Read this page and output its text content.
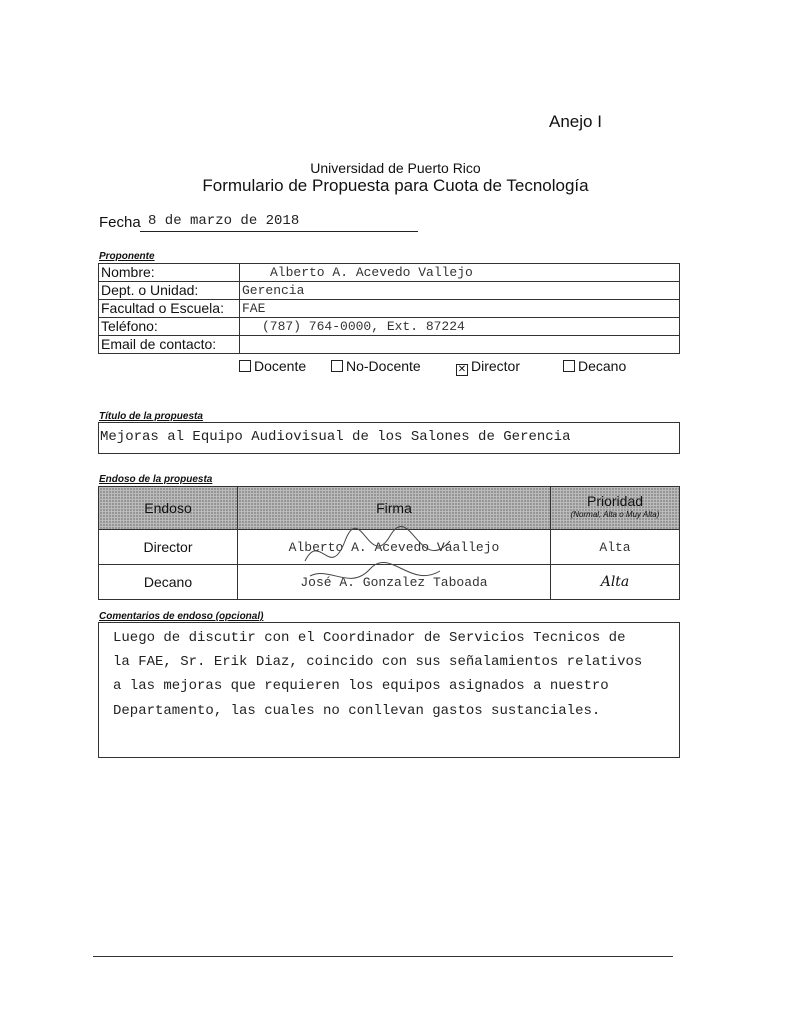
Anejo I
Universidad de Puerto Rico
Formulario de Propuesta para Cuota de Tecnología
Fecha 8 de marzo de 2018
Proponente
Nombre:	Alberto A. Acevedo Vallejo
Dept. o Unidad:	Gerencia
Facultad o Escuela:	FAE
Teléfono:	(787) 764-0000, Ext. 87224
Email de contacto:	
Docente	No-Docente	✕ Director	Decano
Título de la propuesta
Mejoras al Equipo Audiovisual de los Salones de Gerencia
Endoso de la propuesta
Endoso	Firma	Prioridad
(Normal, Alta o Muy Alta)

Director	Alberto A. Acevedo Vaallejo	Alta
Decano	José A. Gonzalez Taboada	Alta
Comentarios de endoso (opcional)
Luego de discutir con el Coordinador de Servicios Tecnicos de
la FAE, Sr. Erik Diaz, coincido con sus señalamientos relativos
a las mejoras que requieren los equipos asignados a nuestro
Departamento, las cuales no conllevan gastos sustanciales.
